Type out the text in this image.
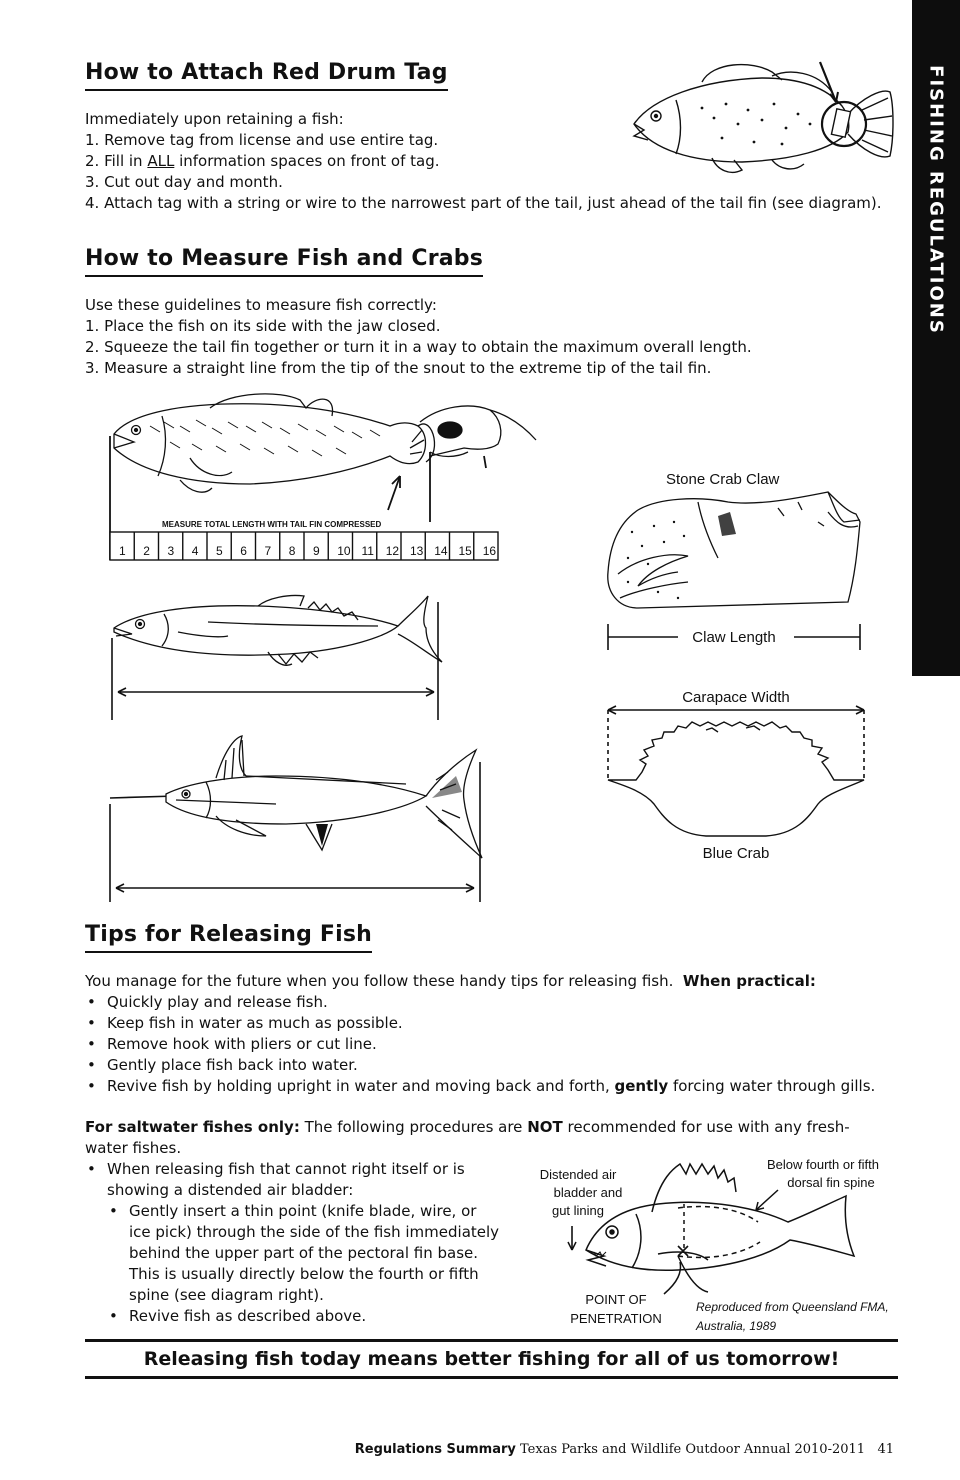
FISHING REGULATIONS
How to Attach Red Drum Tag

Immediately upon retaining a fish:

1. Remove tag from license and use entire tag.

2. Fill in ALL information spaces on front of tag.

3. Cut out day and month.

4. Attach tag with a string or wire to the narrowest part of the tail, just ahead of the tail fin (see diagram).

How to Measure Fish and Crabs

Use these guidelines to measure fish correctly:

1. Place the fish on its side with the jaw closed.

2. Squeeze the tail fin together or turn it in a way to obtain the maximum overall length.

3. Measure a straight line from the tip of the snout to the extreme tip of the tail fin.

MEASURE TOTAL LENGTH WITH TAIL FIN COMPRESSED
1 2 3 4 5 6 7 8 9 10 11 12 13 14 15 16
Stone Crab Claw
Claw Length
Carapace Width
Blue Crab
Tips for Releasing Fish

You manage for the future when you follow these handy tips for releasing fish. When practical:

• Quickly play and release fish.
• Keep fish in water as much as possible.
• Remove hook with pliers or cut line.
• Gently place fish back into water.
• Revive fish by holding upright in water and moving back and forth, gently forcing water through gills.

For saltwater fishes only: The following procedures are NOT recommended for use with any fresh-

water fishes.

• When releasing fish that cannot right itself or is
showing a distended air bladder:
• Gently insert a thin point (knife blade, wire, or
ice pick) through the side of the fish immediately
behind the upper part of the pectoral fin base.
This is usually directly below the fourth or fifth
spine (see diagram right).
• Revive fish as described above.
Distended air
bladder and
gut lining
Below fourth or fifth
dorsal fin spine
POINT OF
PENETRATION
Reproduced from Queensland FMA,
Australia, 1989
Releasing fish today means better fishing for all of us tomorrow!
Regulations Summary Texas Parks and Wildlife Outdoor Annual 2010-2011 41
